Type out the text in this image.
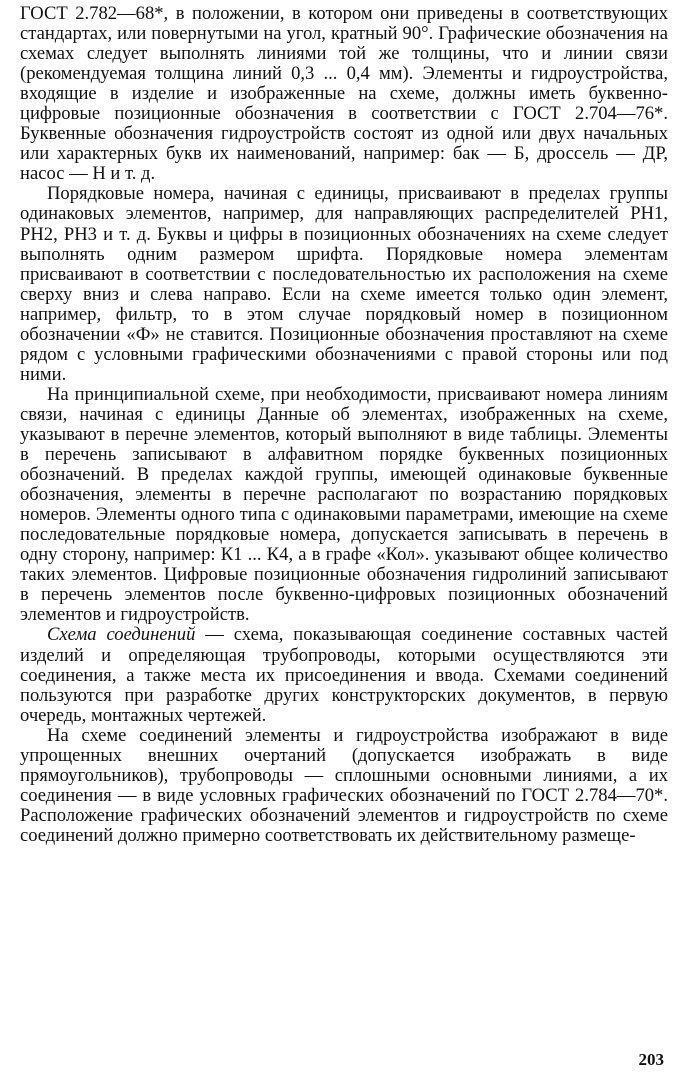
ГОСТ 2.782—68*, в положении, в котором они приведены в соответствующих стандартах, или повернутыми на угол, кратный 90°. Графические обозначения на схемах следует выполнять линиями той же толщины, что и линии связи (рекомендуемая толщина линий 0,3 ... 0,4 мм). Элементы и гидроустройства, входящие в изделие и изображенные на схеме, должны иметь буквенно-цифровые позиционные обозначения в соответствии с ГОСТ 2.704—76*. Буквенные обозначения гидроустройств состоят из одной или двух начальных или характерных букв их наименований, например: бак — Б, дроссель — ДР, насос — Н и т. д.

Порядковые номера, начиная с единицы, присваивают в пределах группы одинаковых элементов, например, для направляющих распределителей РН1, РН2, РН3 и т. д. Буквы и цифры в позиционных обозначениях на схеме следует выполнять одним размером шрифта. Порядковые номера элементам присваивают в соответствии с последовательностью их расположения на схеме сверху вниз и слева направо. Если на схеме имеется только один элемент, например, фильтр, то в этом случае порядковый номер в позиционном обозначении «Ф» не ставится. Позиционные обозначения проставляют на схеме рядом с условными графическими обозначениями с правой стороны или под ними.

На принципиальной схеме, при необходимости, присваивают номера линиям связи, начиная с единицы Данные об элементах, изображенных на схеме, указывают в перечне элементов, который выполняют в виде таблицы. Элементы в перечень записывают в алфавитном порядке буквенных позиционных обозначений. В пределах каждой группы, имеющей одинаковые буквенные обозначения, элементы в перечне располагают по возрастанию порядковых номеров. Элементы одного типа с одинаковыми параметрами, имеющие на схеме последовательные порядковые номера, допускается записывать в перечень в одну сторону, например: К1 ... К4, а в графе «Кол». указывают общее количество таких элементов. Цифровые позиционные обозначения гидролиний записывают в перечень элементов после буквенно-цифровых позиционных обозначений элементов и гидроустройств.

Схема соединений — схема, показывающая соединение составных частей изделий и определяющая трубопроводы, которыми осуществляются эти соединения, а также места их присоединения и ввода. Схемами соединений пользуются при разработке других конструкторских документов, в первую очередь, монтажных чертежей.

На схеме соединений элементы и гидроустройства изображают в виде упрощенных внешних очертаний (допускается изображать в виде прямоугольников), трубопроводы — сплошными основными линиями, а их соединения — в виде условных графических обозначений по ГОСТ 2.784—70*. Расположение графических обозначений элементов и гидроустройств по схеме соединений должно примерно соответствовать их действительному размеще-

203
